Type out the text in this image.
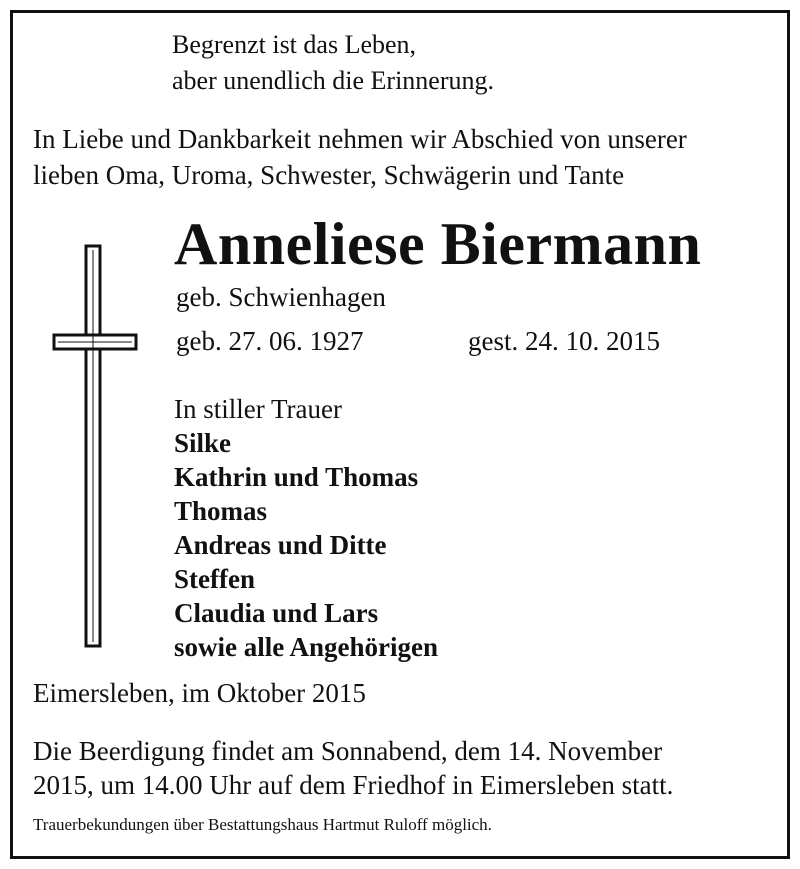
Begrenzt ist das Leben,
aber unendlich die Erinnerung.
In Liebe und Dankbarkeit nehmen wir Abschied von unserer
lieben Oma, Uroma, Schwester, Schwägerin und Tante
Anneliese Biermann
geb. Schwienhagen
geb. 27. 06. 1927	gest. 24. 10. 2015
In stiller Trauer
Silke
Kathrin und Thomas
Thomas
Andreas und Ditte
Steffen
Claudia und Lars
sowie alle Angehörigen
Eimersleben, im Oktober 2015
Die Beerdigung findet am Sonnabend, dem 14. November
2015, um 14.00 Uhr auf dem Friedhof in Eimersleben statt.
Trauerbekundungen über Bestattungshaus Hartmut Ruloff möglich.
